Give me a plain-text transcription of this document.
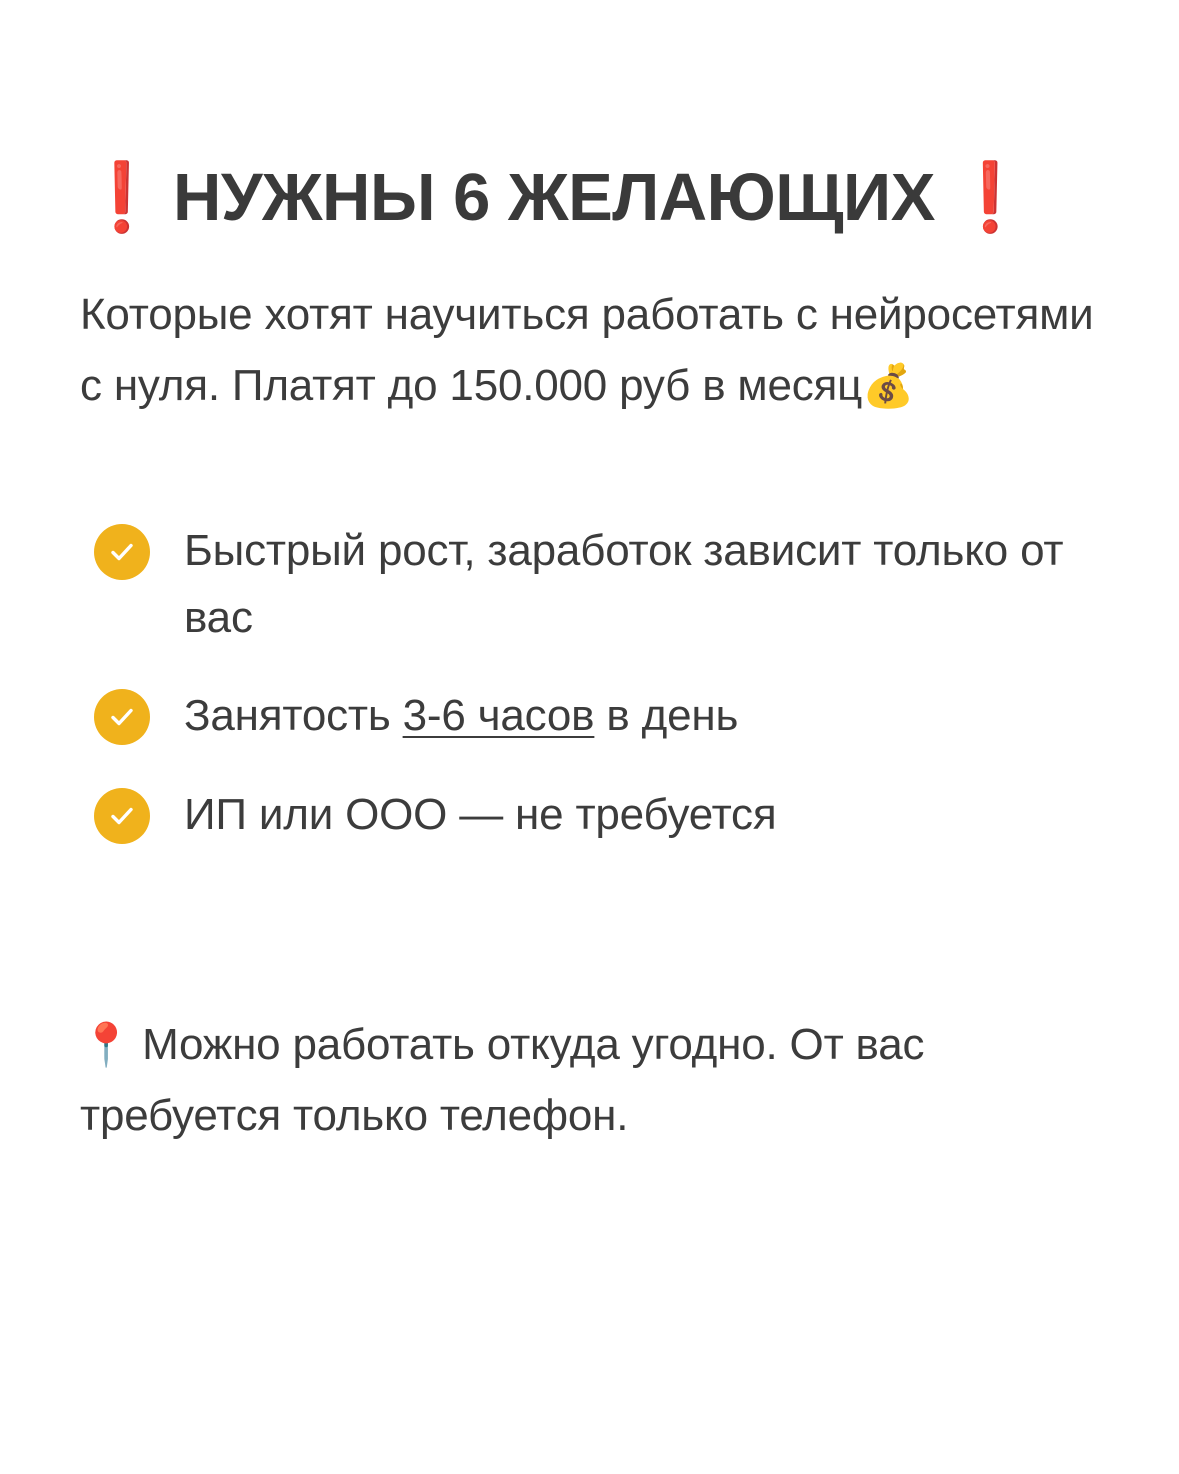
❗ НУЖНЫ 6 ЖЕЛАЮЩИХ ❗

Которые хотят научиться работать с нейросетями с нуля. Платят до 150.000 руб в месяц💰

Быстрый рост, заработок зависит только от вас
Занятость 3-6 часов в день
ИП или ООО — не требуется

📍 Можно работать откуда угодно. От вас требуется только телефон.
